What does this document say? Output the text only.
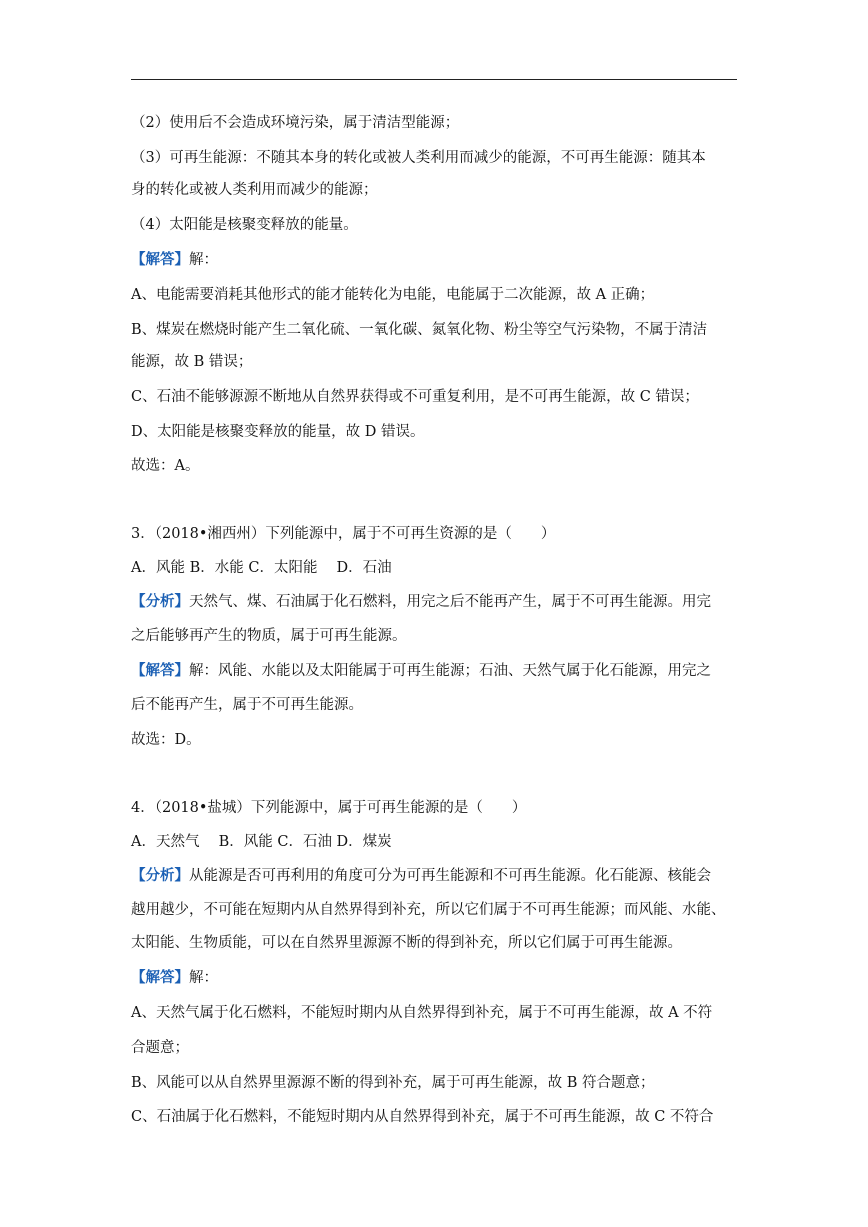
（2）使用后不会造成环境污染，属于清洁型能源；
（3）可再生能源：不随其本身的转化或被人类利用而减少的能源，不可再生能源：随其本
身的转化或被人类利用而减少的能源；
（4）太阳能是核聚变释放的能量。
【解答】解：
A、电能需要消耗其他形式的能才能转化为电能，电能属于二次能源，故 A 正确；
B、煤炭在燃烧时能产生二氧化硫、一氧化碳、氮氧化物、粉尘等空气污染物，不属于清洁
能源，故 B 错误；
C、石油不能够源源不断地从自然界获得或不可重复利用，是不可再生能源，故 C 错误；
D、太阳能是核聚变释放的能量，故 D 错误。
故选：A。
3．（2018•湘西州）下列能源中，属于不可再生资源的是（　　）
A．风能 B．水能 C．太阳能　 D．石油
【分析】天然气、煤、石油属于化石燃料，用完之后不能再产生，属于不可再生能源。用完
之后能够再产生的物质，属于可再生能源。
【解答】解：风能、水能以及太阳能属于可再生能源；石油、天然气属于化石能源，用完之
后不能再产生，属于不可再生能源。
故选：D。
4．（2018•盐城）下列能源中，属于可再生能源的是（　　）
A．天然气　 B．风能 C．石油 D．煤炭
【分析】从能源是否可再利用的角度可分为可再生能源和不可再生能源。化石能源、核能会
越用越少，不可能在短期内从自然界得到补充，所以它们属于不可再生能源；而风能、水能、
太阳能、生物质能，可以在自然界里源源不断的得到补充，所以它们属于可再生能源。
【解答】解：
A、天然气属于化石燃料，不能短时期内从自然界得到补充，属于不可再生能源，故 A 不符
合题意；
B、风能可以从自然界里源源不断的得到补充，属于可再生能源，故 B 符合题意；
C、石油属于化石燃料，不能短时期内从自然界得到补充，属于不可再生能源，故 C 不符合
